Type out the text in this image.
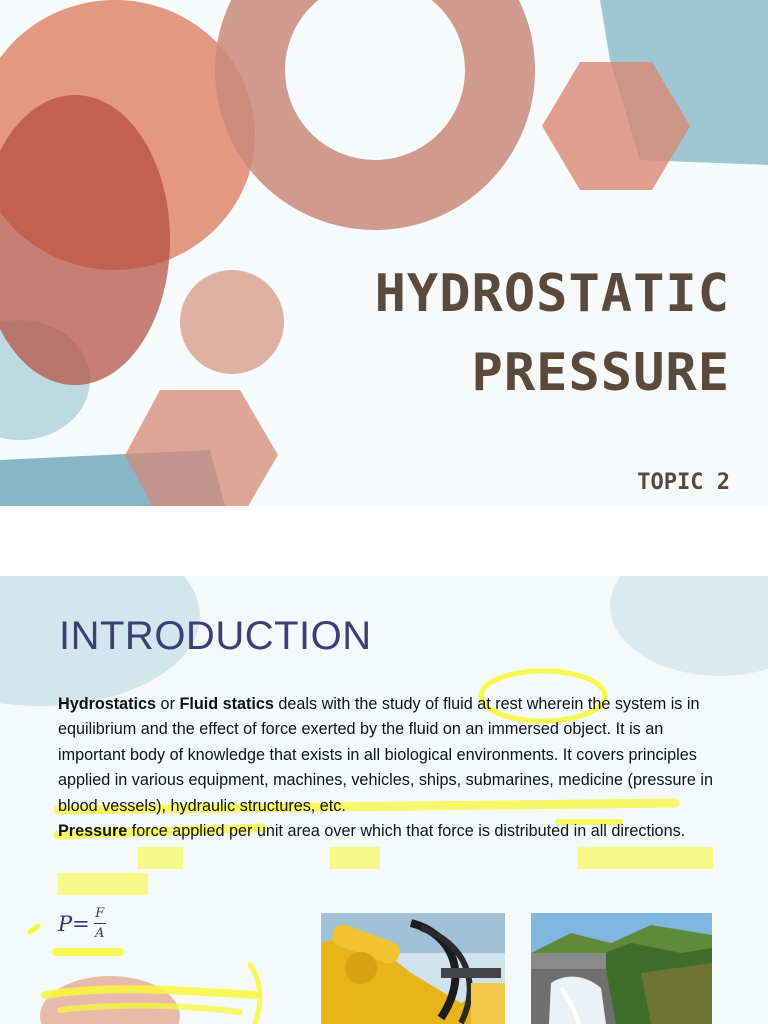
HYDROSTATIC
PRESSURE
TOPIC 2
INTRODUCTION

Hydrostatics or Fluid statics deals with the study of fluid at rest wherein the system is in equilibrium and the effect of force exerted by the fluid on an immersed object. It is an important body of knowledge that exists in all biological environments. It covers principles applied in various equipment, machines, vehicles, ships, submarines, medicine (pressure in blood vessels), hydraulic structures, etc.

Pressure force applied per unit area over which that force is distributed in all directions.

$P = \frac{F}{A}$
